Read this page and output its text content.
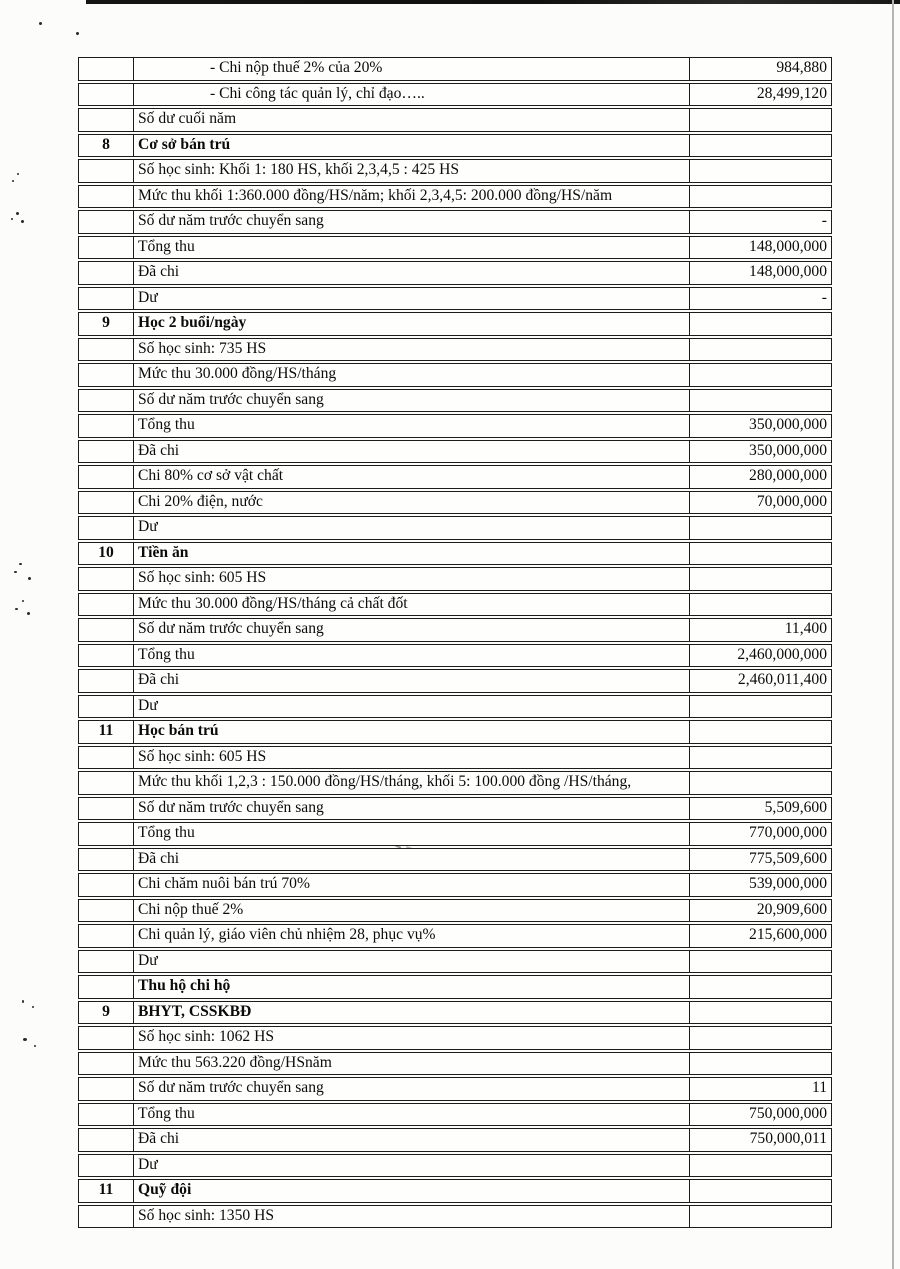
- Chi nộp thuế 2% của 20%	984,880
- Chi công tác quản lý, chỉ đạo…..	28,499,120
Số dư cuối năm
8	Cơ sở bán trú
Số học sinh: Khối 1: 180 HS, khối 2,3,4,5 : 425 HS
Mức thu khối 1:360.000 đồng/HS/năm; khối 2,3,4,5: 200.000 đồng/HS/năm
Số dư năm trước chuyển sang	-
Tổng thu	148,000,000
Đã chi	148,000,000
Dư	-
9	Học 2 buổi/ngày
Số học sinh: 735 HS
Mức thu 30.000 đồng/HS/tháng
Số dư năm trước chuyển sang
Tổng thu	350,000,000
Đã chi	350,000,000
Chi 80% cơ sở vật chất	280,000,000
Chi 20% điện, nước	70,000,000
Dư
10	Tiền ăn
Số học sinh: 605 HS
Mức thu 30.000 đồng/HS/tháng cả chất đốt
Số dư năm trước chuyển sang	11,400
Tổng thu	2,460,000,000
Đã chi	2,460,011,400
Dư
11	Học bán trú
Số học sinh: 605 HS
Mức thu khối 1,2,3 : 150.000 đồng/HS/tháng, khối 5: 100.000 đồng /HS/tháng,
Số dư năm trước chuyển sang	5,509,600
Tổng thu	770,000,000
Đã chi	775,509,600
Chi chăm nuôi bán trú 70%	539,000,000
Chi nộp thuế 2%	20,909,600
Chi quản lý, giáo viên chủ nhiệm 28, phục vụ%	215,600,000
Dư
Thu hộ chi hộ
9	BHYT, CSSKBĐ
Số học sinh: 1062 HS
Mức thu 563.220 đồng/HSnăm
Số dư năm trước chuyển sang	11
Tổng thu	750,000,000
Đã chi	750,000,011
Dư
11	Quỹ đội
Số học sinh: 1350 HS
